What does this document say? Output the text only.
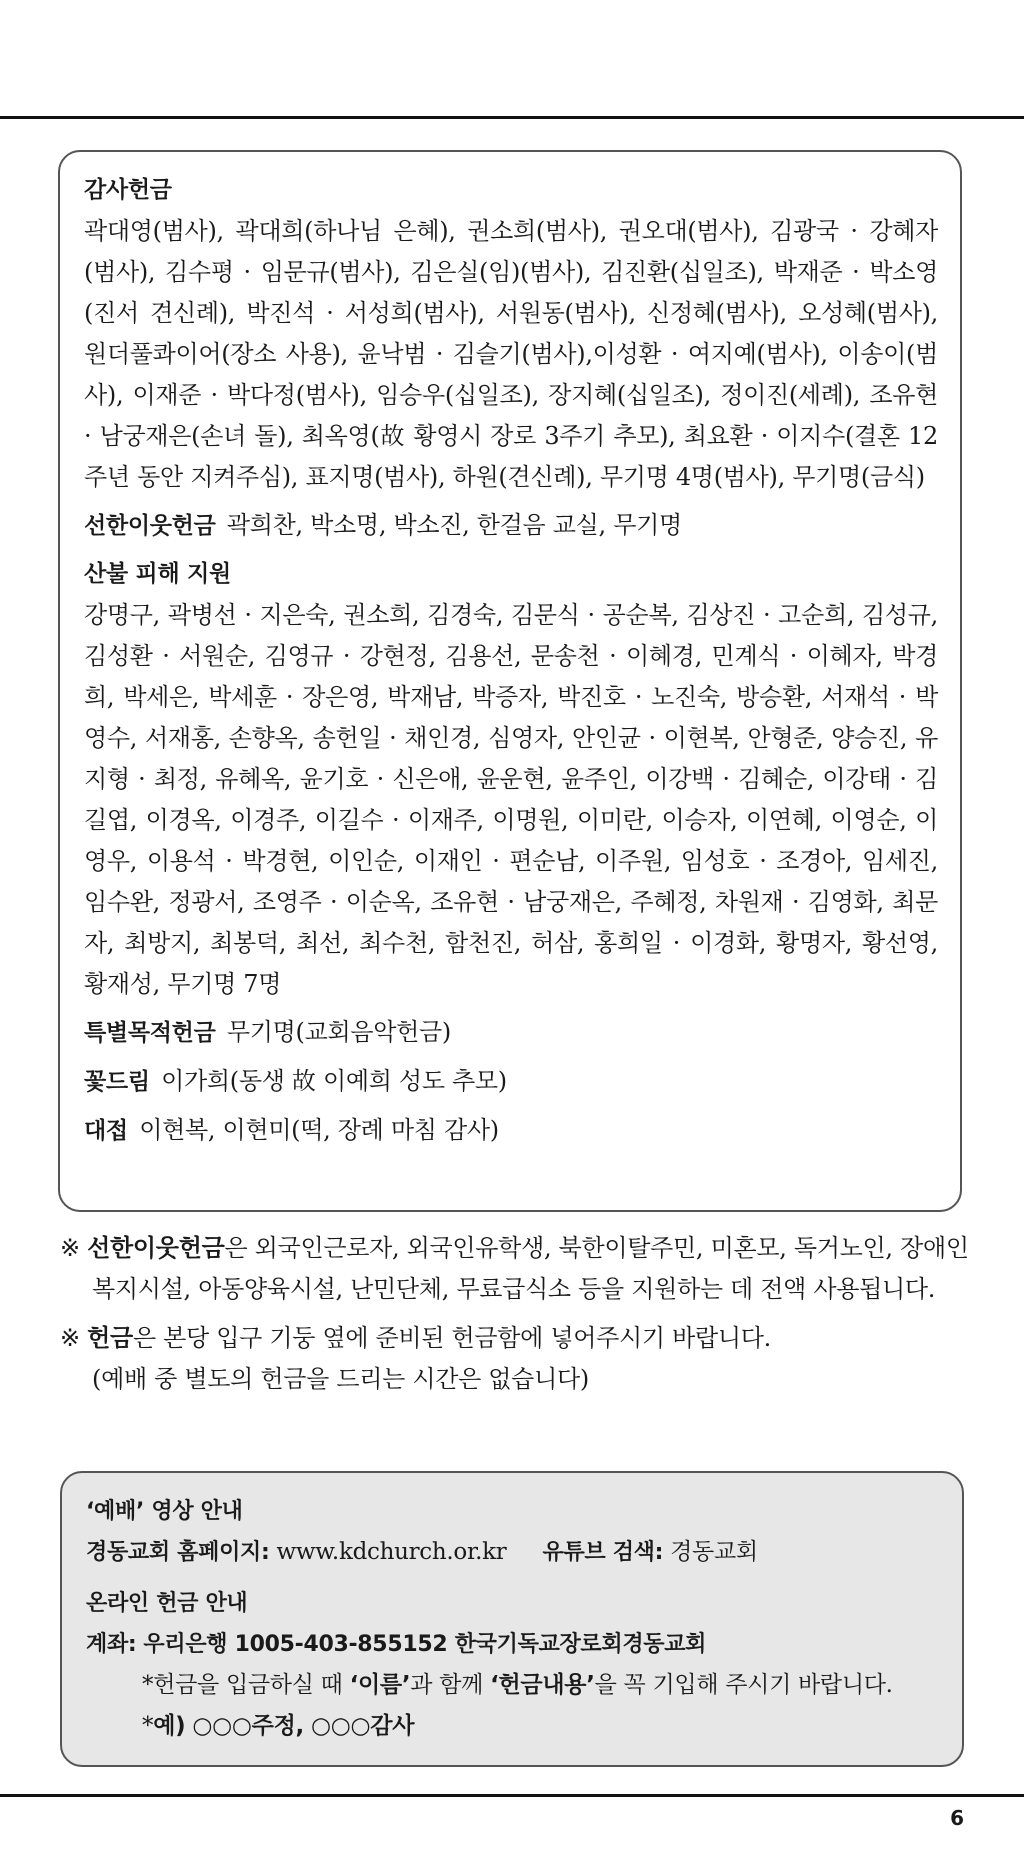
감사헌금
곽대영(범사), 곽대희(하나님 은혜), 권소희(범사), 권오대(범사), 김광국 · 강혜자(범사), 김수평 · 임문규(범사), 김은실(임)(범사), 김진환(십일조), 박재준 · 박소영(진서 견신례), 박진석 · 서성희(범사), 서원동(범사), 신정혜(범사), 오성혜(범사), 원더풀콰이어(장소 사용), 윤낙범 · 김슬기(범사),이성환 · 여지예(범사), 이송이(범사), 이재준 · 박다정(범사), 임승우(십일조), 장지혜(십일조), 정이진(세례), 조유현 · 남궁재은(손녀 돌), 최옥영(故 황영시 장로 3주기 추모), 최요환 · 이지수(결혼 12주년 동안 지켜주심), 표지명(범사), 하원(견신례), 무기명 4명(범사), 무기명(금식)
선한이웃헌금 곽희찬, 박소명, 박소진, 한걸음 교실, 무기명
산불 피해 지원
강명구, 곽병선 · 지은숙, 권소희, 김경숙, 김문식 · 공순복, 김상진 · 고순희, 김성규, 김성환 · 서원순, 김영규 · 강현정, 김용선, 문송천 · 이혜경, 민계식 · 이혜자, 박경희, 박세은, 박세훈 · 장은영, 박재남, 박증자, 박진호 · 노진숙, 방승환, 서재석 · 박영수, 서재홍, 손향옥, 송헌일 · 채인경, 심영자, 안인균 · 이현복, 안형준, 양승진, 유지형 · 최정, 유혜옥, 윤기호 · 신은애, 윤운현, 윤주인, 이강백 · 김혜순, 이강태 · 김길엽, 이경옥, 이경주, 이길수 · 이재주, 이명원, 이미란, 이승자, 이연혜, 이영순, 이영우, 이용석 · 박경현, 이인순, 이재인 · 편순남, 이주원, 임성호 · 조경아, 임세진, 임수완, 정광서, 조영주 · 이순옥, 조유현 · 남궁재은, 주혜정, 차원재 · 김영화, 최문자, 최방지, 최봉덕, 최선, 최수천, 함천진, 허삼, 홍희일 · 이경화, 황명자, 황선영, 황재성, 무기명 7명
특별목적헌금 무기명(교회음악헌금)
꽃드림 이가희(동생 故 이예희 성도 추모)
대접 이현복, 이현미(떡, 장례 마침 감사)
※ 선한이웃헌금은 외국인근로자, 외국인유학생, 북한이탈주민, 미혼모, 독거노인, 장애인 복지시설, 아동양육시설, 난민단체, 무료급식소 등을 지원하는 데 전액 사용됩니다.
※ 헌금은 본당 입구 기둥 옆에 준비된 헌금함에 넣어주시기 바랍니다.
(예배 중 별도의 헌금을 드리는 시간은 없습니다)
‘예배’ 영상 안내
경동교회 홈페이지: www.kdchurch.or.kr 유튜브 검색: 경동교회
온라인 헌금 안내
계좌: 우리은행 1005-403-855152 한국기독교장로회경동교회
*헌금을 입금하실 때 ‘이름’과 함께 ‘헌금내용’을 꼭 기입해 주시기 바랍니다.
*예) ○○○주정, ○○○감사
6
